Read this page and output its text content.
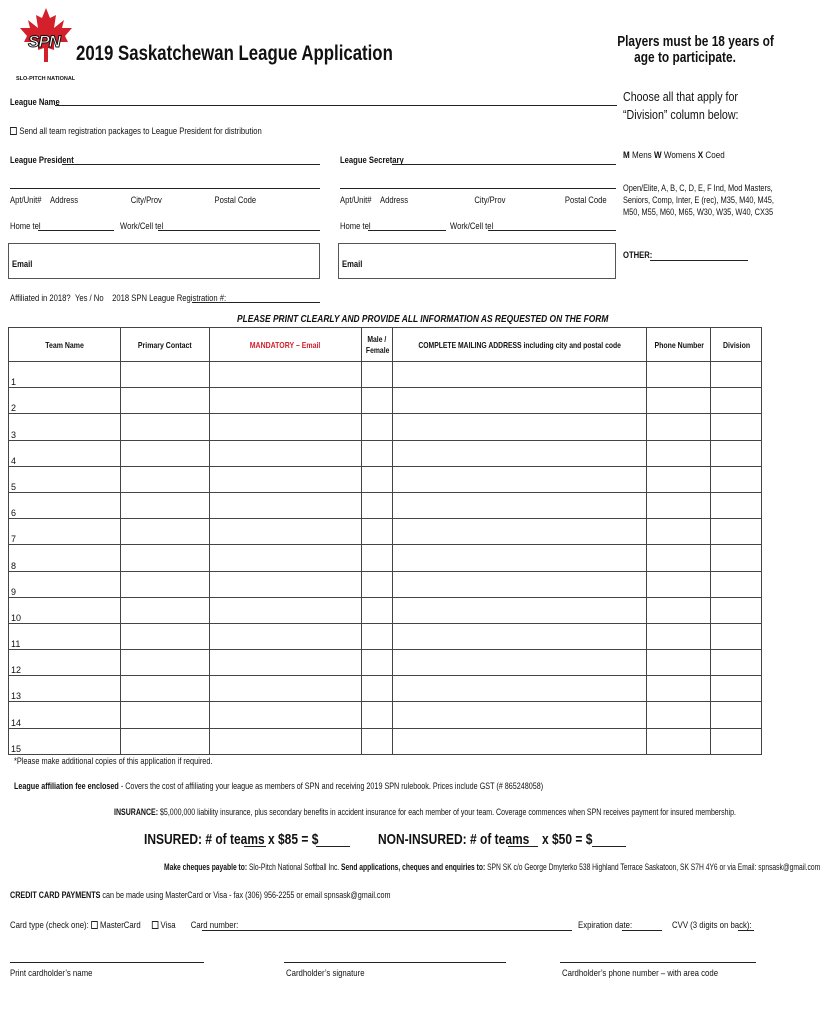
SPN
SLO-PITCH NATIONAL
2019 Saskatchewan League Application	Players must be 18 years of
age to participate.
League Name	Choose all that apply for
“Division” column below:
Send all team registration packages to League President for distribution
League President	League Secretary	M Mens W Womens X Coed
Apt/Unit# Address	City/Prov	Postal Code	Apt/Unit# Address	City/Prov	Postal Code
Open/Elite, A, B, C, D, E, F Ind, Mod Masters,
Seniors, Comp, Inter, E (rec), M35, M40, M45,
M50, M55, M60, M65, W30, W35, W40, CX35
Home tel	Work/Cell tel	Home tel	Work/Cell tel
Email	Email
OTHER:
Affiliated in 2018? Yes / No 2018 SPN League Registration #:
PLEASE PRINT CLEARLY AND PROVIDE ALL INFORMATION AS REQUESTED ON THE FORM
Team Name	Primary Contact	MANDATORY – Email	Male /
Female	COMPLETE MAILING ADDRESS including city and postal code	Phone Number	Division
1						
2						
3						
4						
5						
6						
7						
8						
9						
10						
11						
12						
13						
14						
15						
*Please make additional copies of this application if required.
League affiliation fee enclosed - Covers the cost of affiliating your league as members of SPN and receiving 2019 SPN rulebook. Prices include GST (# 865248058)
INSURANCE: $5,000,000 liability insurance, plus secondary benefits in accident insurance for each member of your team. Coverage commences when SPN receives payment for insured membership.
INSURED: # of teams x $85 = $	NON-INSURED: # of teams x $50 = $
Make cheques payable to: Slo-Pitch National Softball Inc. Send applications, cheques and enquiries to: SPN SK c/o George Dmyterko 538 Highland Terrace Saskatoon, SK S7H 4Y6 or via Email: spnsask@gmail.com
CREDIT CARD PAYMENTS can be made using MasterCard or Visa - fax (306) 956-2255 or email spnsask@gmail.com
Card type (check one): MasterCard Visa Card number:	Expiration date:	CVV (3 digits on back):
Print cardholder’s name	Cardholder’s signature	Cardholder’s phone number – with area code
